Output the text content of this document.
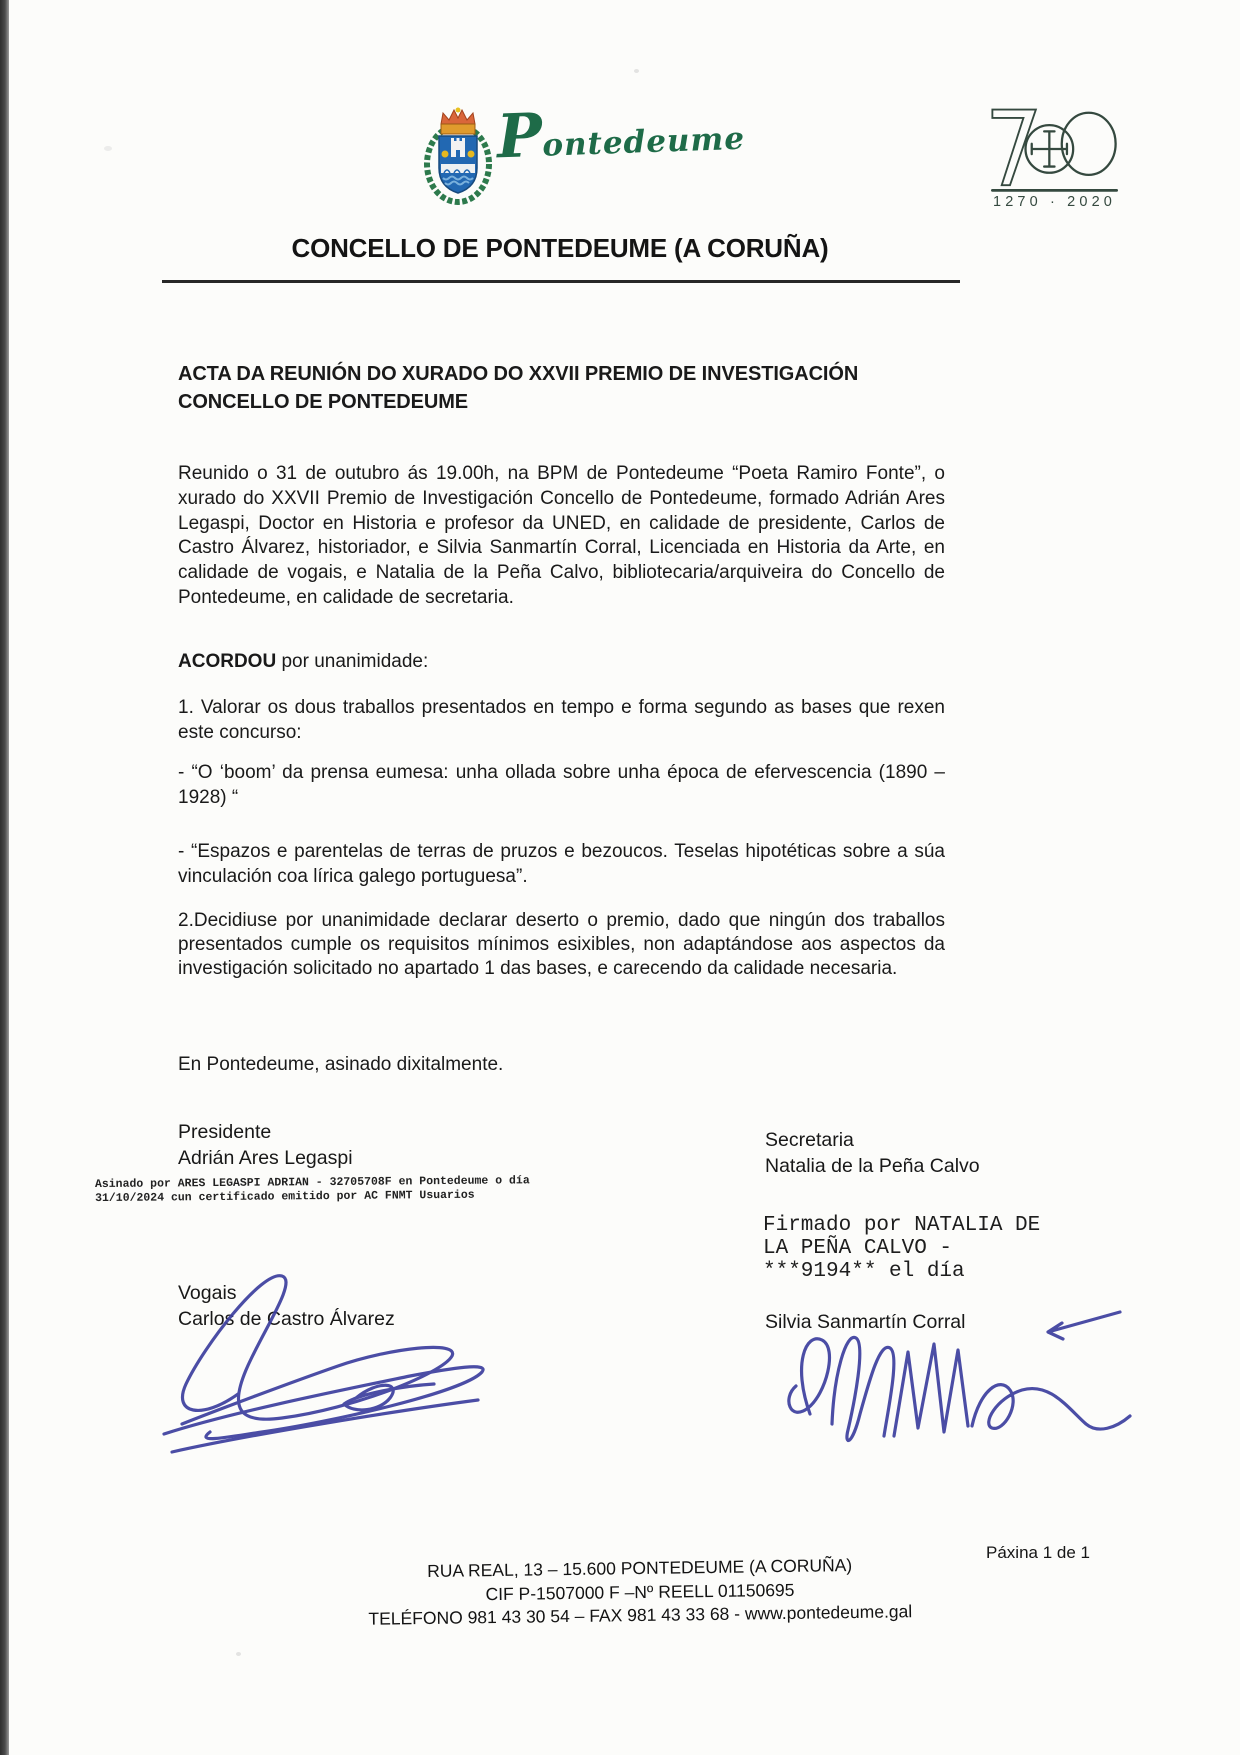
Pontedeume
1270 · 2020
CONCELLO DE PONTEDEUME (A CORUÑA)
ACTA DA REUNIÓN DO XURADO DO XXVII PREMIO DE INVESTIGACIÓN CONCELLO DE PONTEDEUME
Reunido o 31 de outubro ás 19.00h, na BPM de Pontedeume “Poeta Ramiro Fonte”, o xurado do XXVII Premio de Investigación Concello de Pontedeume, formado Adrián Ares Legaspi, Doctor en Historia e profesor da UNED, en calidade de presidente, Carlos de Castro Álvarez, historiador, e Silvia Sanmartín Corral, Licenciada en Historia da Arte, en calidade de vogais, e Natalia de la Peña Calvo, bibliotecaria/arquiveira do Concello de Pontedeume, en calidade de secretaria.
ACORDOU por unanimidade:
1. Valorar os dous traballos presentados en tempo e forma segundo as bases que rexen este concurso:
- “O ‘boom’ da prensa eumesa: unha ollada sobre unha época de efervescencia (1890 – 1928) “
- “Espazos e parentelas de terras de pruzos e bezoucos. Teselas hipotéticas sobre a súa vinculación coa lírica galego portuguesa”.
2.Decidiuse por unanimidade declarar deserto o premio, dado que ningún dos traballos presentados cumple os requisitos mínimos esixibles, non adaptándose aos aspectos da investigación solicitado no apartado 1 das bases, e carecendo da calidade necesaria.
En Pontedeume, asinado dixitalmente.
Presidente
Adrián Ares Legaspi
Asinado por ARES LEGASPI ADRIAN - 32705708F en Pontedeume o día 31/10/2024 cun certificado emitido por AC FNMT Usuarios
Secretaria
Natalia de la Peña Calvo
Firmado por NATALIA DE LA PEÑA CALVO - ***9194** el día
Vogais
Carlos de Castro Álvarez	Silvia Sanmartín Corral
RUA REAL, 13 – 15.600 PONTEDEUME (A CORUÑA)
CIF P-1507000 F –Nº REELL 01150695
TELÉFONO 981 43 30 54 – FAX 981 43 33 68 - www.pontedeume.gal
Páxina 1 de 1
